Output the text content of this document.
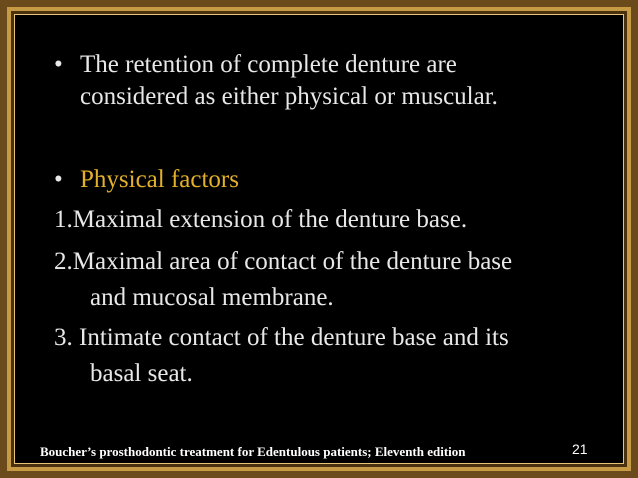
• The retention of complete denture are
considered as either physical or muscular.
• Physical factors
1.Maximal extension of the denture base.
2.Maximal area of contact of the denture base
and mucosal membrane.
3. Intimate contact of the denture base and its
basal seat.
Boucher’s prosthodontic treatment for Edentulous patients; Eleventh edition	21
